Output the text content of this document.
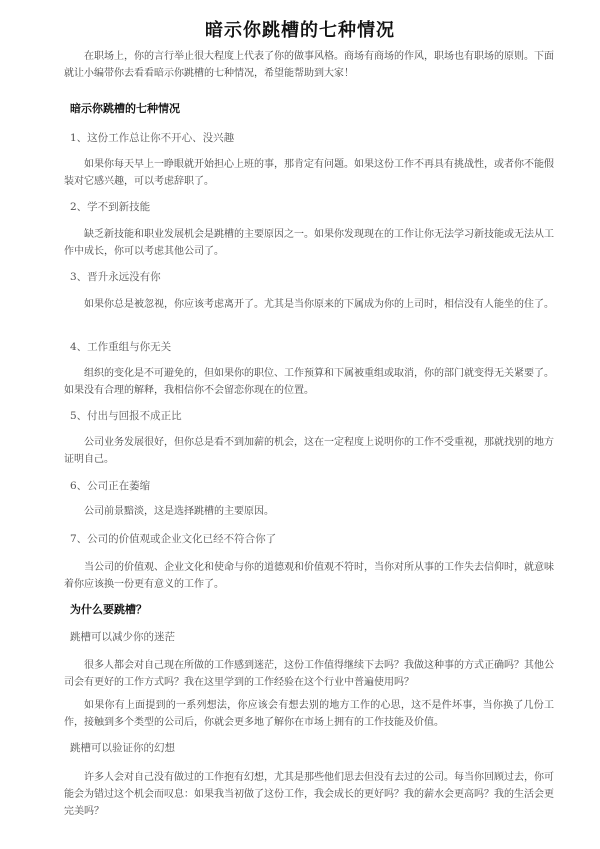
暗示你跳槽的七种情况

在职场上，你的言行举止很大程度上代表了你的做事风格。商场有商场的作风，职场也有职场的原则。下面就让小编带你去看看暗示你跳槽的七种情况，希望能帮助到大家！

暗示你跳槽的七种情况

1、这份工作总让你不开心、没兴趣

如果你每天早上一睁眼就开始担心上班的事，那肯定有问题。如果这份工作不再具有挑战性，或者你不能假装对它感兴趣，可以考虑辞职了。

2、学不到新技能

缺乏新技能和职业发展机会是跳槽的主要原因之一。如果你发现现在的工作让你无法学习新技能或无法从工作中成长，你可以考虑其他公司了。

3、晋升永远没有你

如果你总是被忽视，你应该考虑离开了。尤其是当你原来的下属成为你的上司时，相信没有人能坐的住了。

4、工作重组与你无关

组织的变化是不可避免的，但如果你的职位、工作预算和下属被重组或取消，你的部门就变得无关紧要了。如果没有合理的解释，我相信你不会留恋你现在的位置。

5、付出与回报不成正比

公司业务发展很好，但你总是看不到加薪的机会，这在一定程度上说明你的工作不受重视，那就找别的地方证明自己。

6、公司正在萎缩

公司前景黯淡，这是选择跳槽的主要原因。

7、公司的价值观或企业文化已经不符合你了

当公司的价值观、企业文化和使命与你的道德观和价值观不符时，当你对所从事的工作失去信仰时，就意味着你应该换一份更有意义的工作了。

为什么要跳槽？

跳槽可以减少你的迷茫

很多人都会对自己现在所做的工作感到迷茫，这份工作值得继续下去吗？我做这种事的方式正确吗？其他公司会有更好的工作方式吗？我在这里学到的工作经验在这个行业中普遍使用吗？

如果你有上面提到的一系列想法，你应该会有想去别的地方工作的心思，这不是件坏事，当你换了几份工作，接触到多个类型的公司后，你就会更多地了解你在市场上拥有的工作技能及价值。

跳槽可以验证你的幻想

许多人会对自己没有做过的工作抱有幻想，尤其是那些他们思去但没有去过的公司。每当你回顾过去，你可能会为错过这个机会而叹息：如果我当初做了这份工作，我会成长的更好吗？我的薪水会更高吗？我的生活会更完美吗？
